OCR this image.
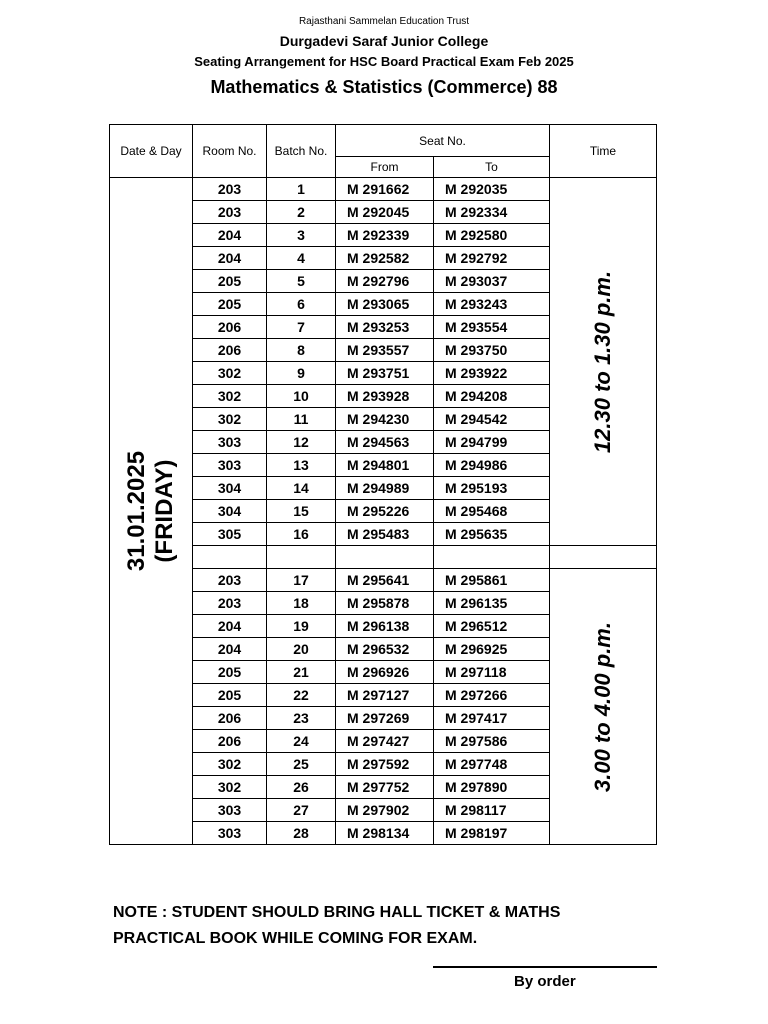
Rajasthani Sammelan Education Trust
Durgadevi Saraf Junior College
Seating Arrangement for HSC Board Practical Exam Feb 2025
Mathematics & Statistics (Commerce) 88
Date & Day	Room No.	Batch No.	Seat No.		Time
			From	To	

31.01.2025 (FRIDAY)	203	1	M 291662	M 292035	12.30 to 1.30 p.m.

	203	2	M 292045	M 292334	
	204	3	M 292339	M 292580	
	204	4	M 292582	M 292792	
	205	5	M 292796	M 293037	
	205	6	M 293065	M 293243	
	206	7	M 293253	M 293554	
	206	8	M 293557	M 293750	
	302	9	M 293751	M 293922	
	302	10	M 293928	M 294208	
	302	11	M 294230	M 294542	
	303	12	M 294563	M 294799	
	303	13	M 294801	M 294986	
	304	14	M 294989	M 295193	
	304	15	M 295226	M 295468	
	305	16	M 295483	M 295635	

	203	17	M 295641	M 295861	3.00 to 4.00 p.m.

	203	18	M 295878	M 296135	
	204	19	M 296138	M 296512	
	204	20	M 296532	M 296925	
	205	21	M 296926	M 297118	
	205	22	M 297127	M 297266	
	206	23	M 297269	M 297417	
	206	24	M 297427	M 297586	
	302	25	M 297592	M 297748	
	302	26	M 297752	M 297890	
	303	27	M 297902	M 298117	
	303	28	M 298134	M 298197	
NOTE : STUDENT SHOULD BRING HALL TICKET & MATHS
PRACTICAL BOOK WHILE COMING FOR EXAM.
By order
